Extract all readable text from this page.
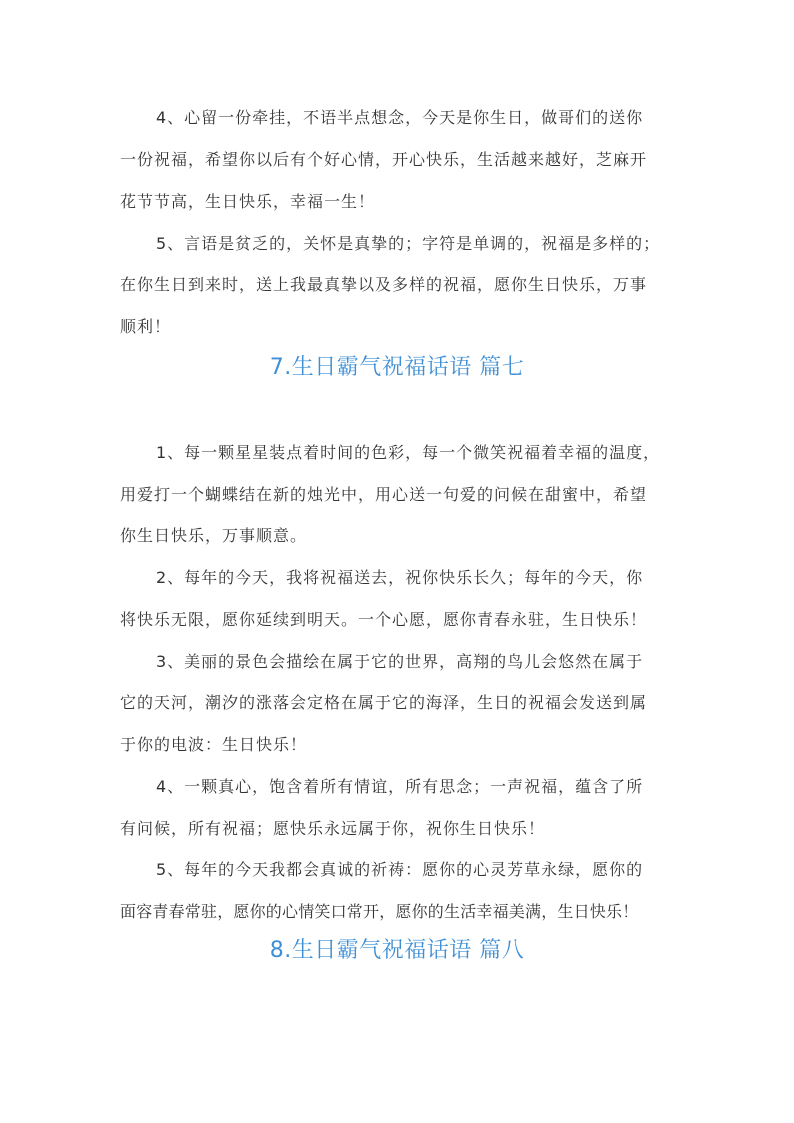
4、心留一份牵挂，不语半点想念，今天是你生日，做哥们的送你
一份祝福，希望你以后有个好心情，开心快乐，生活越来越好，芝麻开
花节节高，生日快乐，幸福一生！
5、言语是贫乏的，关怀是真挚的；字符是单调的，祝福是多样的；
在你生日到来时，送上我最真挚以及多样的祝福，愿你生日快乐，万事
顺利！
7.生日霸气祝福话语 篇七
1、每一颗星星装点着时间的色彩，每一个微笑祝福着幸福的温度，
用爱打一个蝴蝶结在新的烛光中，用心送一句爱的问候在甜蜜中，希望
你生日快乐，万事顺意。
2、每年的今天，我将祝福送去，祝你快乐长久；每年的今天，你
将快乐无限，愿你延续到明天。一个心愿，愿你青春永驻，生日快乐！
3、美丽的景色会描绘在属于它的世界，高翔的鸟儿会悠然在属于
它的天河，潮汐的涨落会定格在属于它的海泽，生日的祝福会发送到属
于你的电波：生日快乐！
4、一颗真心，饱含着所有情谊，所有思念；一声祝福，蕴含了所
有问候，所有祝福；愿快乐永远属于你，祝你生日快乐！
5、每年的今天我都会真诚的祈祷：愿你的心灵芳草永绿，愿你的
面容青春常驻，愿你的心情笑口常开，愿你的生活幸福美满，生日快乐！
8.生日霸气祝福话语 篇八
